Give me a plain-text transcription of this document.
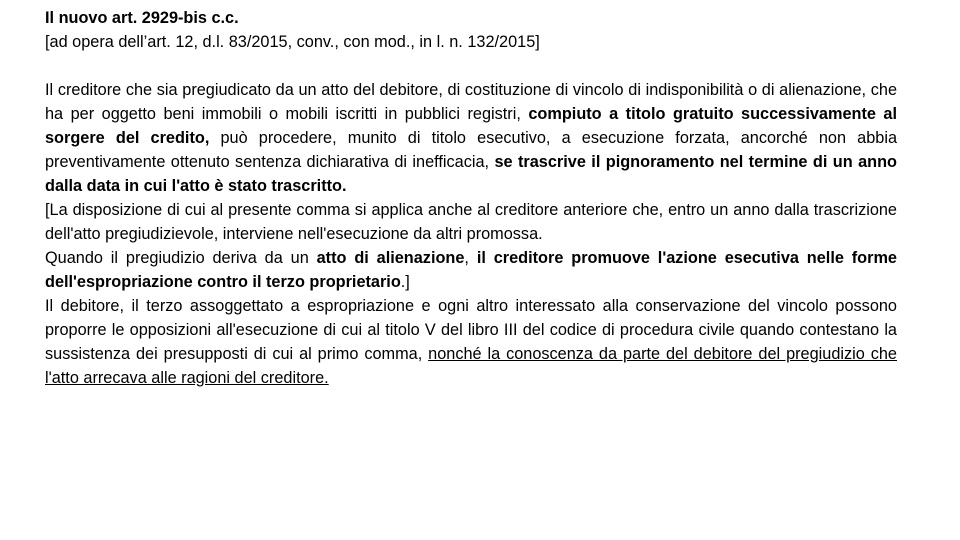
Il nuovo art. 2929-bis c.c.
[ad opera dell’art. 12, d.l. 83/2015, conv., con mod., in l. n. 132/2015]
Il creditore che sia pregiudicato da un atto del debitore, di costituzione di vincolo di indisponibilità o di alienazione, che ha per oggetto beni immobili o mobili iscritti in pubblici registri, compiuto a titolo gratuito successivamente al sorgere del credito, può procedere, munito di titolo esecutivo, a esecuzione forzata, ancorché non abbia preventivamente ottenuto sentenza dichiarativa di inefficacia, se trascrive il pignoramento nel termine di un anno dalla data in cui l'atto è stato trascritto.
[La disposizione di cui al presente comma si applica anche al creditore anteriore che, entro un anno dalla trascrizione dell'atto pregiudizievole, interviene nell'esecuzione da altri promossa.
Quando il pregiudizio deriva da un atto di alienazione, il creditore promuove l'azione esecutiva nelle forme dell'espropriazione contro il terzo proprietario.]
Il debitore, il terzo assoggettato a espropriazione e ogni altro interessato alla conservazione del vincolo possono proporre le opposizioni all'esecuzione di cui al titolo V del libro III del codice di procedura civile quando contestano la sussistenza dei presupposti di cui al primo comma, nonché la conoscenza da parte del debitore del pregiudizio che l'atto arrecava alle ragioni del creditore.
